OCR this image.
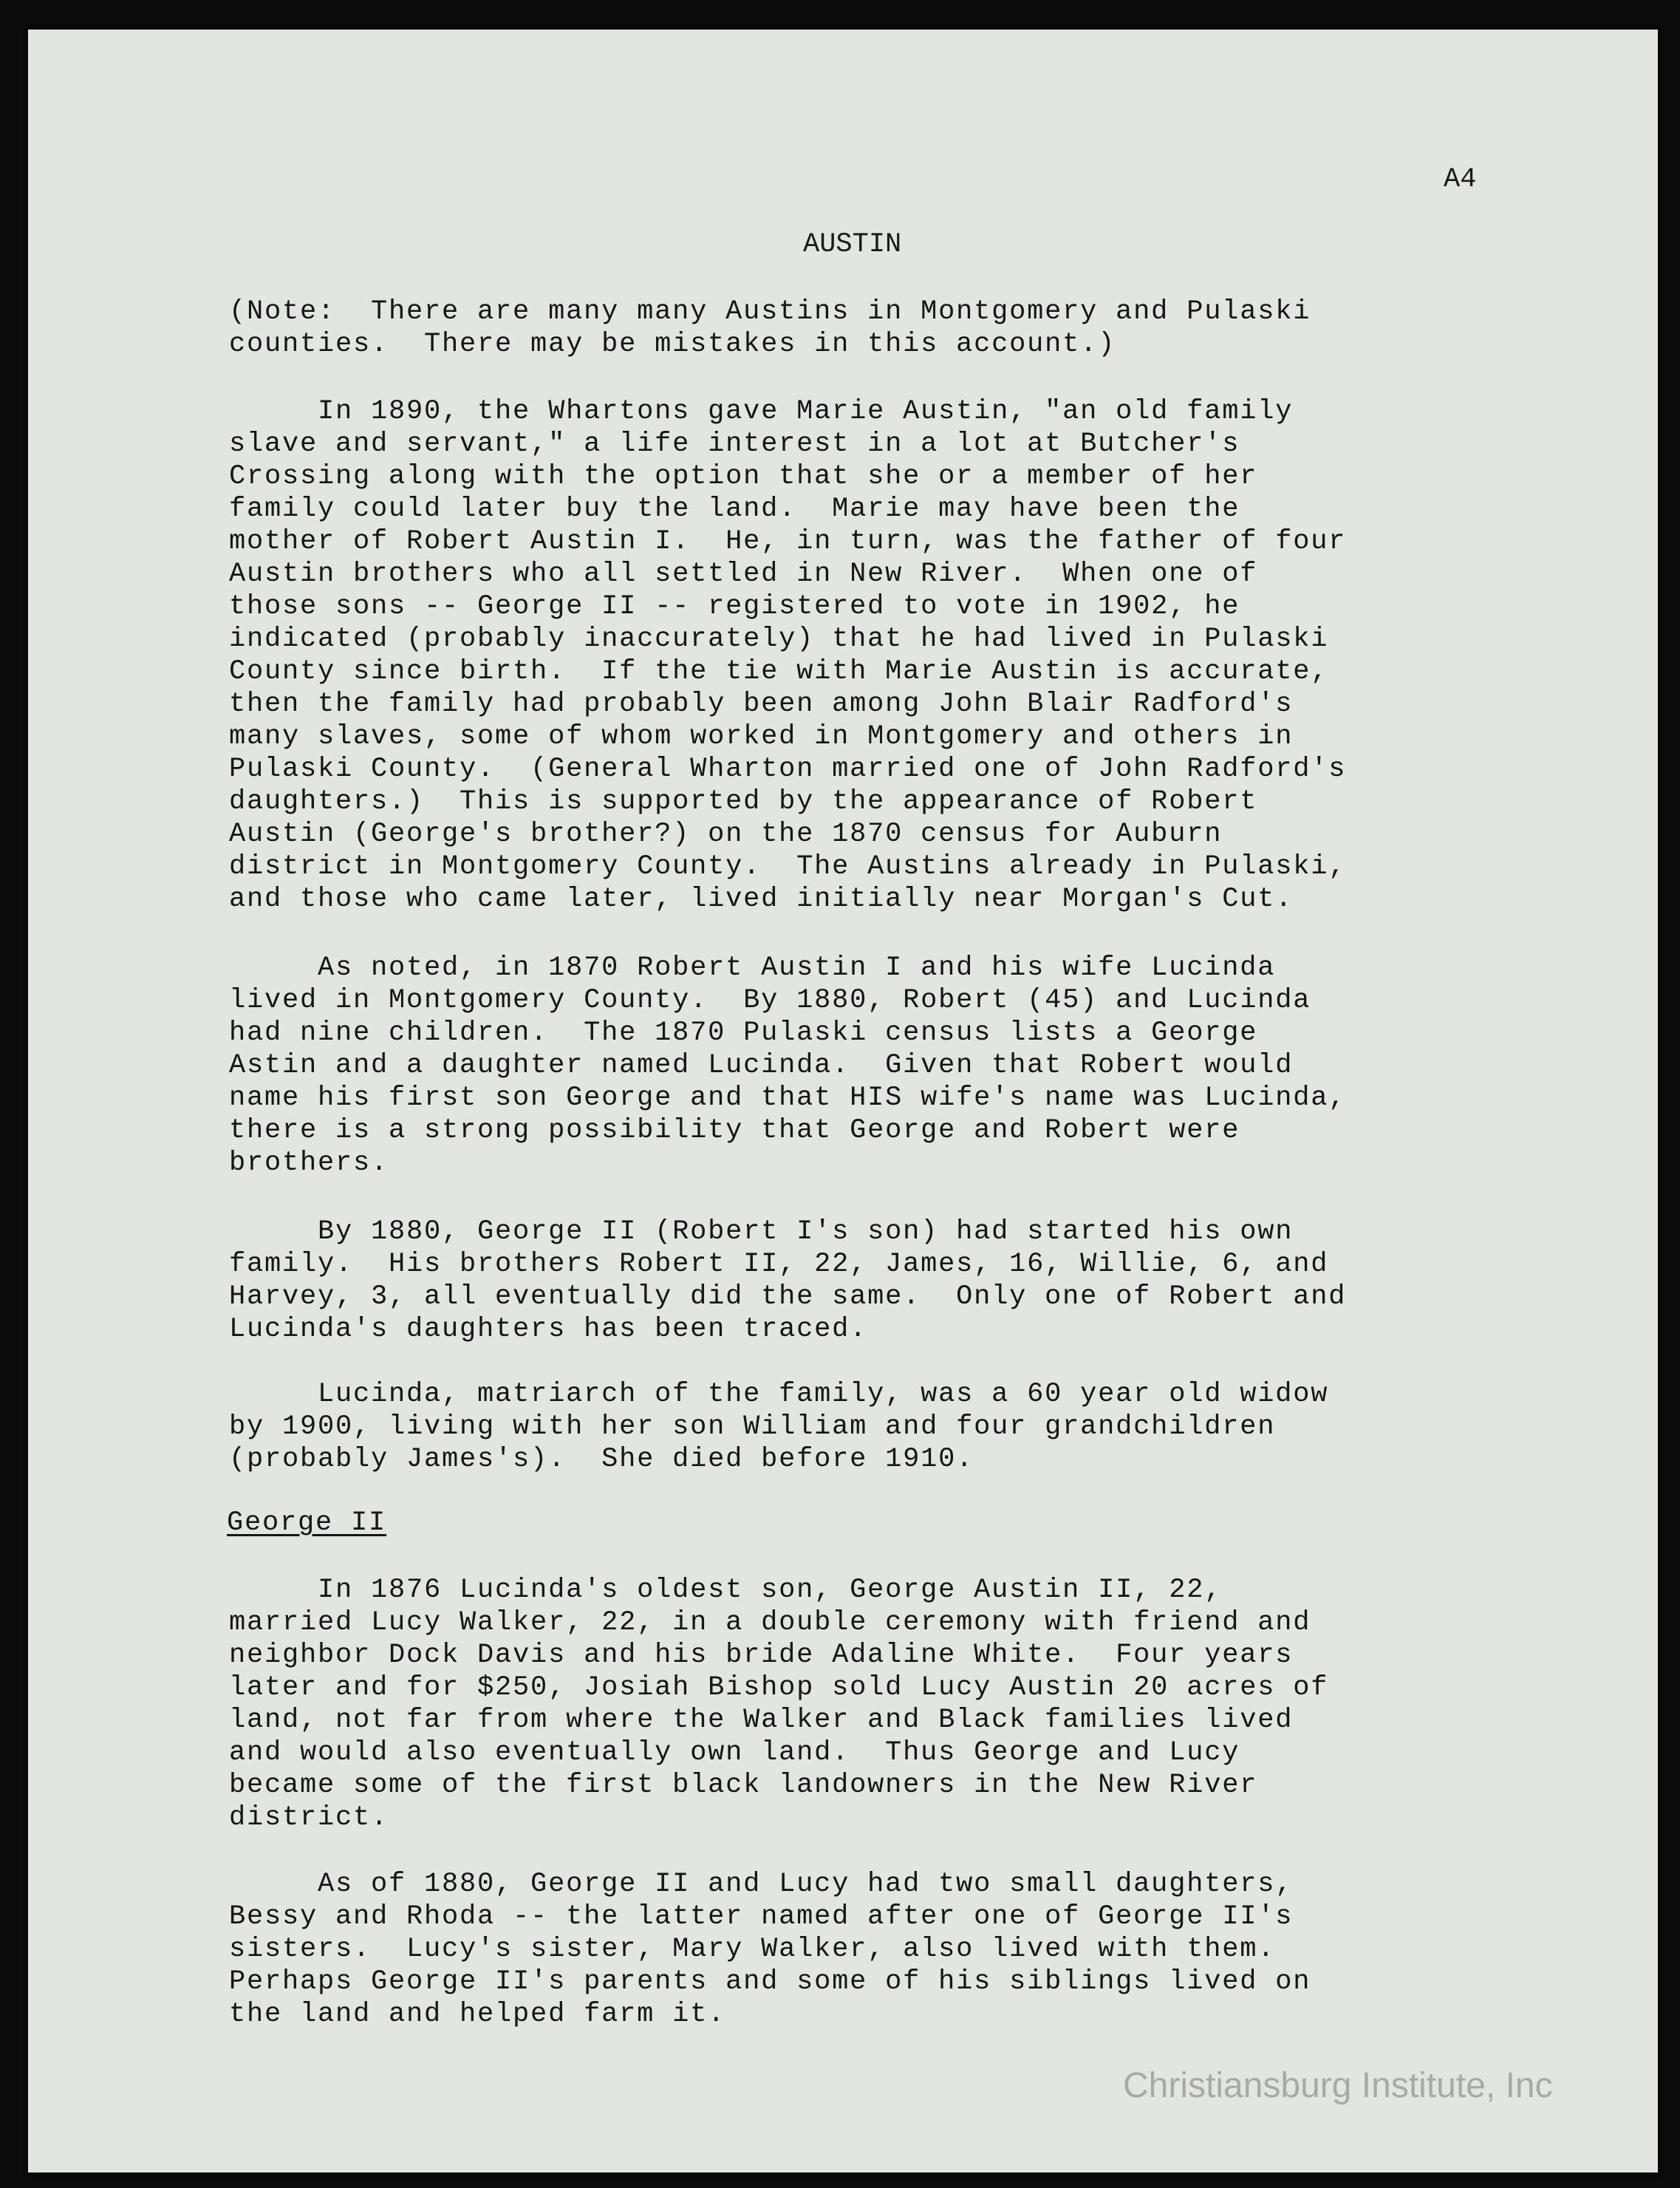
A4

AUSTIN

(Note:  There are many many Austins in Montgomery and Pulaski
counties.  There may be mistakes in this account.)

In 1890, the Whartons gave Marie Austin, "an old family
slave and servant," a life interest in a lot at Butcher's
Crossing along with the option that she or a member of her
family could later buy the land.  Marie may have been the
mother of Robert Austin I.  He, in turn, was the father of four
Austin brothers who all settled in New River.  When one of
those sons -- George II -- registered to vote in 1902, he
indicated (probably inaccurately) that he had lived in Pulaski
County since birth.  If the tie with Marie Austin is accurate,
then the family had probably been among John Blair Radford's
many slaves, some of whom worked in Montgomery and others in
Pulaski County.  (General Wharton married one of John Radford's
daughters.)  This is supported by the appearance of Robert
Austin (George's brother?) on the 1870 census for Auburn
district in Montgomery County.  The Austins already in Pulaski,
and those who came later, lived initially near Morgan's Cut.

As noted, in 1870 Robert Austin I and his wife Lucinda
lived in Montgomery County.  By 1880, Robert (45) and Lucinda
had nine children.  The 1870 Pulaski census lists a George
Astin and a daughter named Lucinda.  Given that Robert would
name his first son George and that HIS wife's name was Lucinda,
there is a strong possibility that George and Robert were
brothers.

By 1880, George II (Robert I's son) had started his own
family.  His brothers Robert II, 22, James, 16, Willie, 6, and
Harvey, 3, all eventually did the same.  Only one of Robert and
Lucinda's daughters has been traced.

Lucinda, matriarch of the family, was a 60 year old widow
by 1900, living with her son William and four grandchildren
(probably James's).  She died before 1910.

George II

In 1876 Lucinda's oldest son, George Austin II, 22,
married Lucy Walker, 22, in a double ceremony with friend and
neighbor Dock Davis and his bride Adaline White.  Four years
later and for $250, Josiah Bishop sold Lucy Austin 20 acres of
land, not far from where the Walker and Black families lived
and would also eventually own land.  Thus George and Lucy
became some of the first black landowners in the New River
district.

As of 1880, George II and Lucy had two small daughters,
Bessy and Rhoda -- the latter named after one of George II's
sisters.  Lucy's sister, Mary Walker, also lived with them.
Perhaps George II's parents and some of his siblings lived on
the land and helped farm it.

Christiansburg Institute, Inc
